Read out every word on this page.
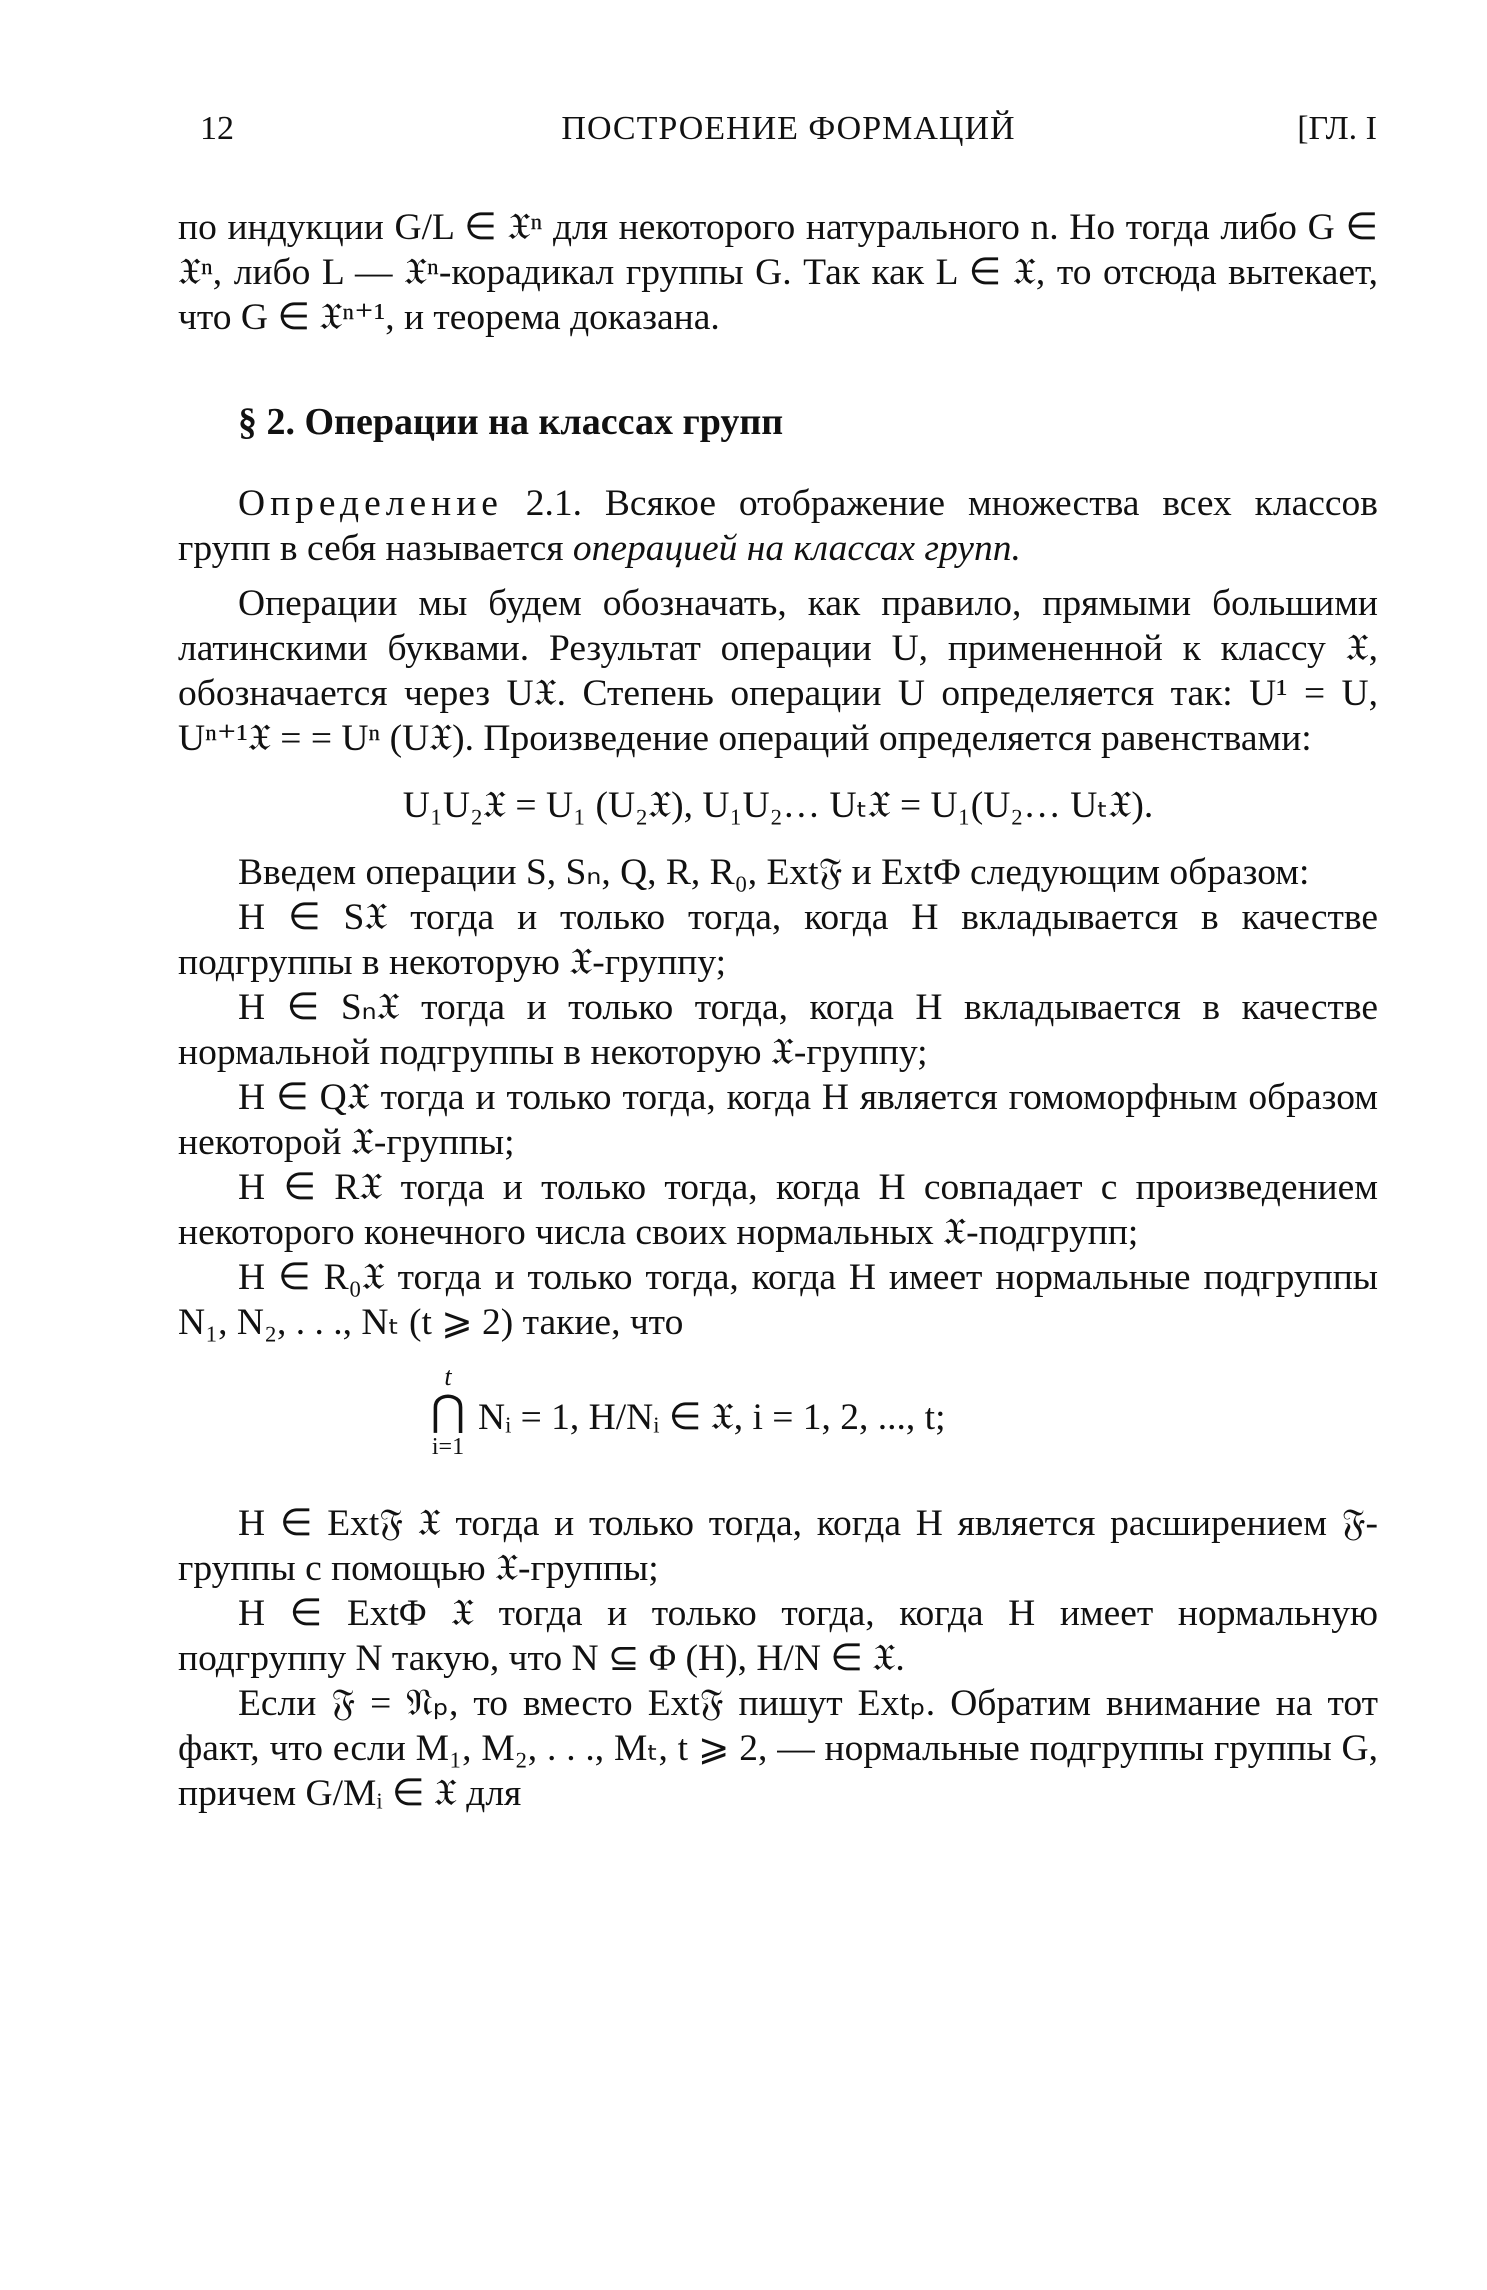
12	ПОСТРОЕНИЕ ФОРМАЦИЙ	[ГЛ. I

по индукции G/L ∈ 𝔛ⁿ для некоторого натурального n. Но тогда либо G ∈ 𝔛ⁿ, либо L — 𝔛ⁿ-корадикал группы G. Так как L ∈ 𝔛, то отсюда вытекает, что G ∈ 𝔛ⁿ⁺¹, и теорема доказана.

§ 2. Операции на классах групп

Определение 2.1. Всякое отображение множества всех классов групп в себя называется операцией на классах групп.

Операции мы будем обозначать, как правило, прямыми большими латинскими буквами. Результат операции U, примененной к классу 𝔛, обозначается через U𝔛. Степень операции U определяется так: U¹ = U, Uⁿ⁺¹𝔛 = = Uⁿ (U𝔛). Произведение операций определяется равенствами:

U₁U₂𝔛 = U₁ (U₂𝔛), U₁U₂… Uₜ𝔛 = U₁(U₂… Uₜ𝔛).

Введем операции S, Sₙ, Q, R, R₀, Ext𝔉 и ExtΦ следующим образом:

H ∈ S𝔛 тогда и только тогда, когда H вкладывается в качестве подгруппы в некоторую 𝔛-группу;

H ∈ Sₙ𝔛 тогда и только тогда, когда H вкладывается в качестве нормальной подгруппы в некоторую 𝔛-группу;

H ∈ Q𝔛 тогда и только тогда, когда H является гомоморфным образом некоторой 𝔛-группы;

H ∈ R𝔛 тогда и только тогда, когда H совпадает с произведением некоторого конечного числа своих нормальных 𝔛-подгрупп;

H ∈ R₀𝔛 тогда и только тогда, когда H имеет нормальные подгруппы N₁, N₂, . . ., Nₜ (t ⩾ 2) такие, что

t
⋂
i=1
Nᵢ = 1, H/Nᵢ ∈ 𝔛, i = 1, 2, ..., t;

H ∈ Ext𝔉 𝔛 тогда и только тогда, когда H является расширением 𝔉-группы с помощью 𝔛-группы;

H ∈ ExtΦ 𝔛 тогда и только тогда, когда H имеет нормальную подгруппу N такую, что N ⊆ Φ (H), H/N ∈ 𝔛.

Если 𝔉 = 𝔑ₚ, то вместо Ext𝔉 пишут Extₚ. Обратим внимание на тот факт, что если M₁, M₂, . . ., Mₜ, t ⩾ 2, — нормальные подгруппы группы G, причем G/Mᵢ ∈ 𝔛 для
